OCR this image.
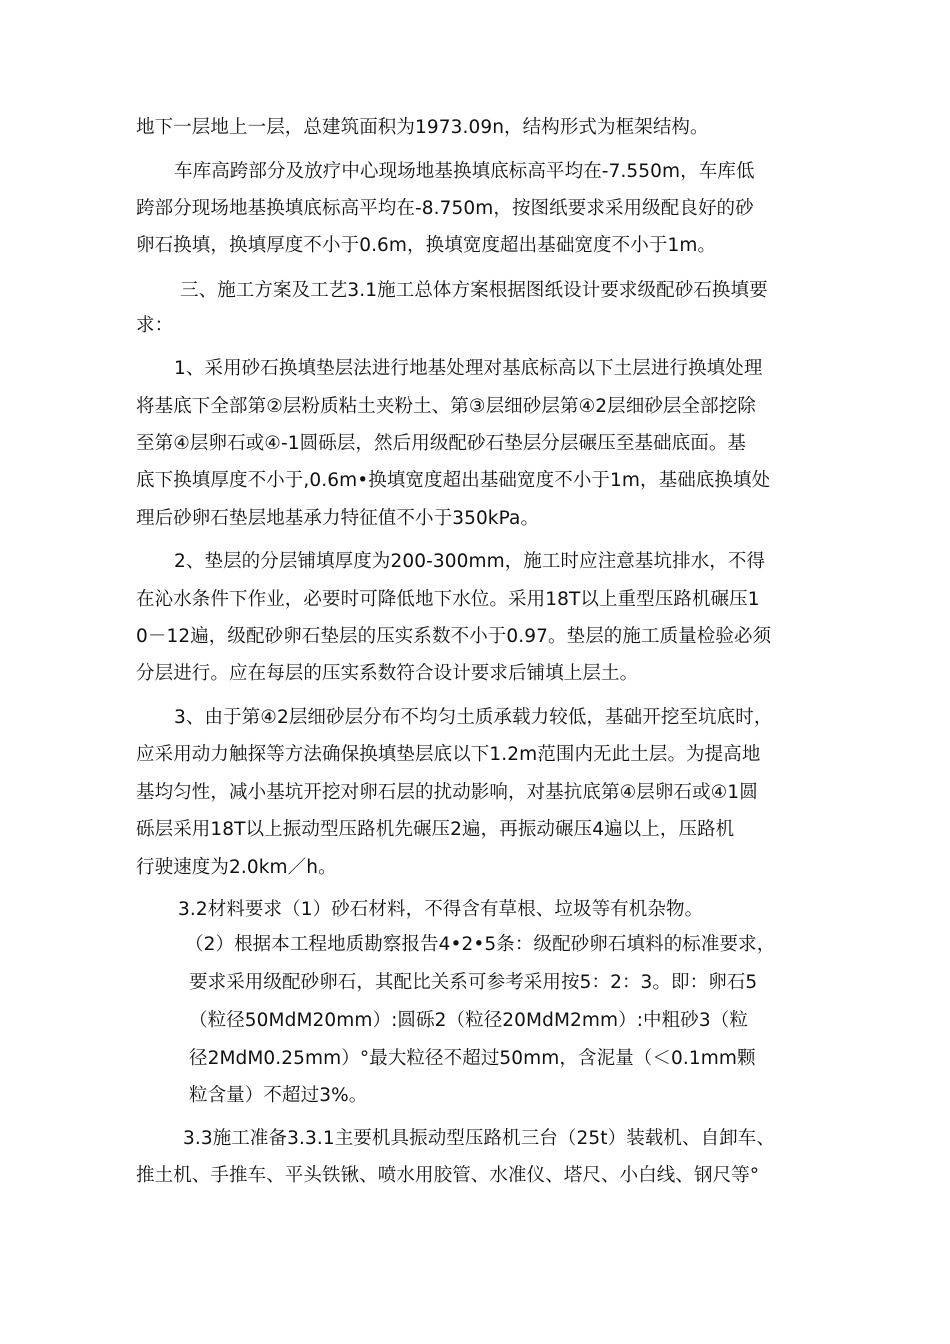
地下一层地上一层，总建筑面积为1973.09n，结构形式为框架结构。
车库高跨部分及放疗中心现场地基换填底标高平均在-7.550m，车库低
跨部分现场地基换填底标高平均在-8.750m，按图纸要求采用级配良好的砂
卵石换填，换填厚度不小于0.6m，换填宽度超出基础宽度不小于1m。
三、施工方案及工艺3.1施工总体方案根据图纸设计要求级配砂石换填要
求：
1、采用砂石换填垫层法进行地基处理对基底标高以下土层进行换填处理
将基底下全部第②层粉质粘土夹粉土、第③层细砂层第④2层细砂层全部挖除
至第④层卵石或④-1圆砾层，然后用级配砂石垫层分层碾压至基础底面。基
底下换填厚度不小于,0.6m•换填宽度超出基础宽度不小于1m，基础底换填处
理后砂卵石垫层地基承力特征值不小于350kPa。
2、垫层的分层铺填厚度为200-300mm，施工时应注意基坑排水，不得
在沁水条件下作业，必要时可降低地下水位。采用18T以上重型压路机碾压1
0－12遍，级配砂卵石垫层的压实系数不小于0.97。垫层的施工质量检验必须
分层进行。应在每层的压实系数符合设计要求后铺填上层土。
3、由于第④2层细砂层分布不均匀土质承载力较低，基础开挖至坑底时，
应采用动力触探等方法确保换填垫层底以下1.2m范围内无此土层。为提高地
基均匀性，减小基坑开挖对卵石层的扰动影响，对基抗底第④层卵石或④1圆
砾层采用18T以上振动型压路机先碾压2遍，再振动碾压4遍以上，压路机
行驶速度为2.0km／h。
3.2材料要求（1）砂石材料，不得含有草根、垃圾等有机杂物。
（2）根据本工程地质勘察报告4•2•5条：级配砂卵石填料的标准要求，
要求采用级配砂卵石，其配比关系可参考采用按5：2：3。即：卵石5
（粒径50MdM20mm）:圆砾2（粒径20MdM2mm）:中粗砂3（粒
径2MdM0.25mm）°最大粒径不超过50mm，含泥量（＜0.1mm颗
粒含量）不超过3%。
3.3施工准备3.3.1主要机具振动型压路机三台（25t）装载机、自卸车、
推土机、手推车、平头铁锹、喷水用胶管、水准仪、塔尺、小白线、钢尺等°
